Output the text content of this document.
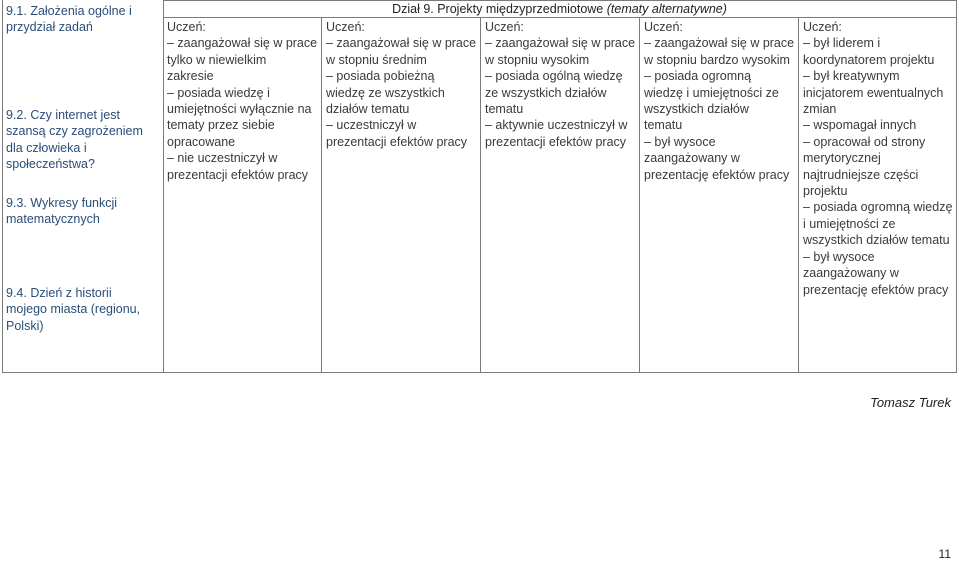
Dział 9. Projekty międzyprzedmiotowe (tematy alternatywne)
Uczeń:
– zaangażował się w prace
tylko w niewielkim
zakresie
– posiada wiedzę i
umiejętności wyłącznie na
tematy przez siebie
opracowane
– nie uczestniczył w
prezentacji efektów pracy
Uczeń:
– zaangażował się w prace
w stopniu średnim
– posiada pobieżną
wiedzę ze wszystkich
działów tematu
– uczestniczył w
prezentacji efektów pracy
Uczeń:
– zaangażował się w prace
w stopniu wysokim
– posiada ogólną wiedzę
ze wszystkich działów
tematu
– aktywnie uczestniczył w
prezentacji efektów pracy
Uczeń:
– zaangażował się w prace
w stopniu bardzo wysokim
– posiada ogromną
wiedzę i umiejętności ze
wszystkich działów
tematu
– był wysoce
zaangażowany w
prezentację efektów pracy
Uczeń:
– był liderem i
koordynatorem projektu
– był kreatywnym
inicjatorem ewentualnych
zmian
– wspomagał innych
– opracował od strony
merytorycznej
najtrudniejsze części
projektu
– posiada ogromną wiedzę
i umiejętności ze
wszystkich działów tematu
– był wysoce
zaangażowany w
prezentację efektów pracy
9.1. Założenia ogólne i
przydział zadań
9.2. Czy internet jest
szansą czy zagrożeniem
dla człowieka i
społeczeństwa?
9.3. Wykresy funkcji
matematycznych
9.4. Dzień z historii
mojego miasta (regionu,
Polski)
Tomasz Turek
11
